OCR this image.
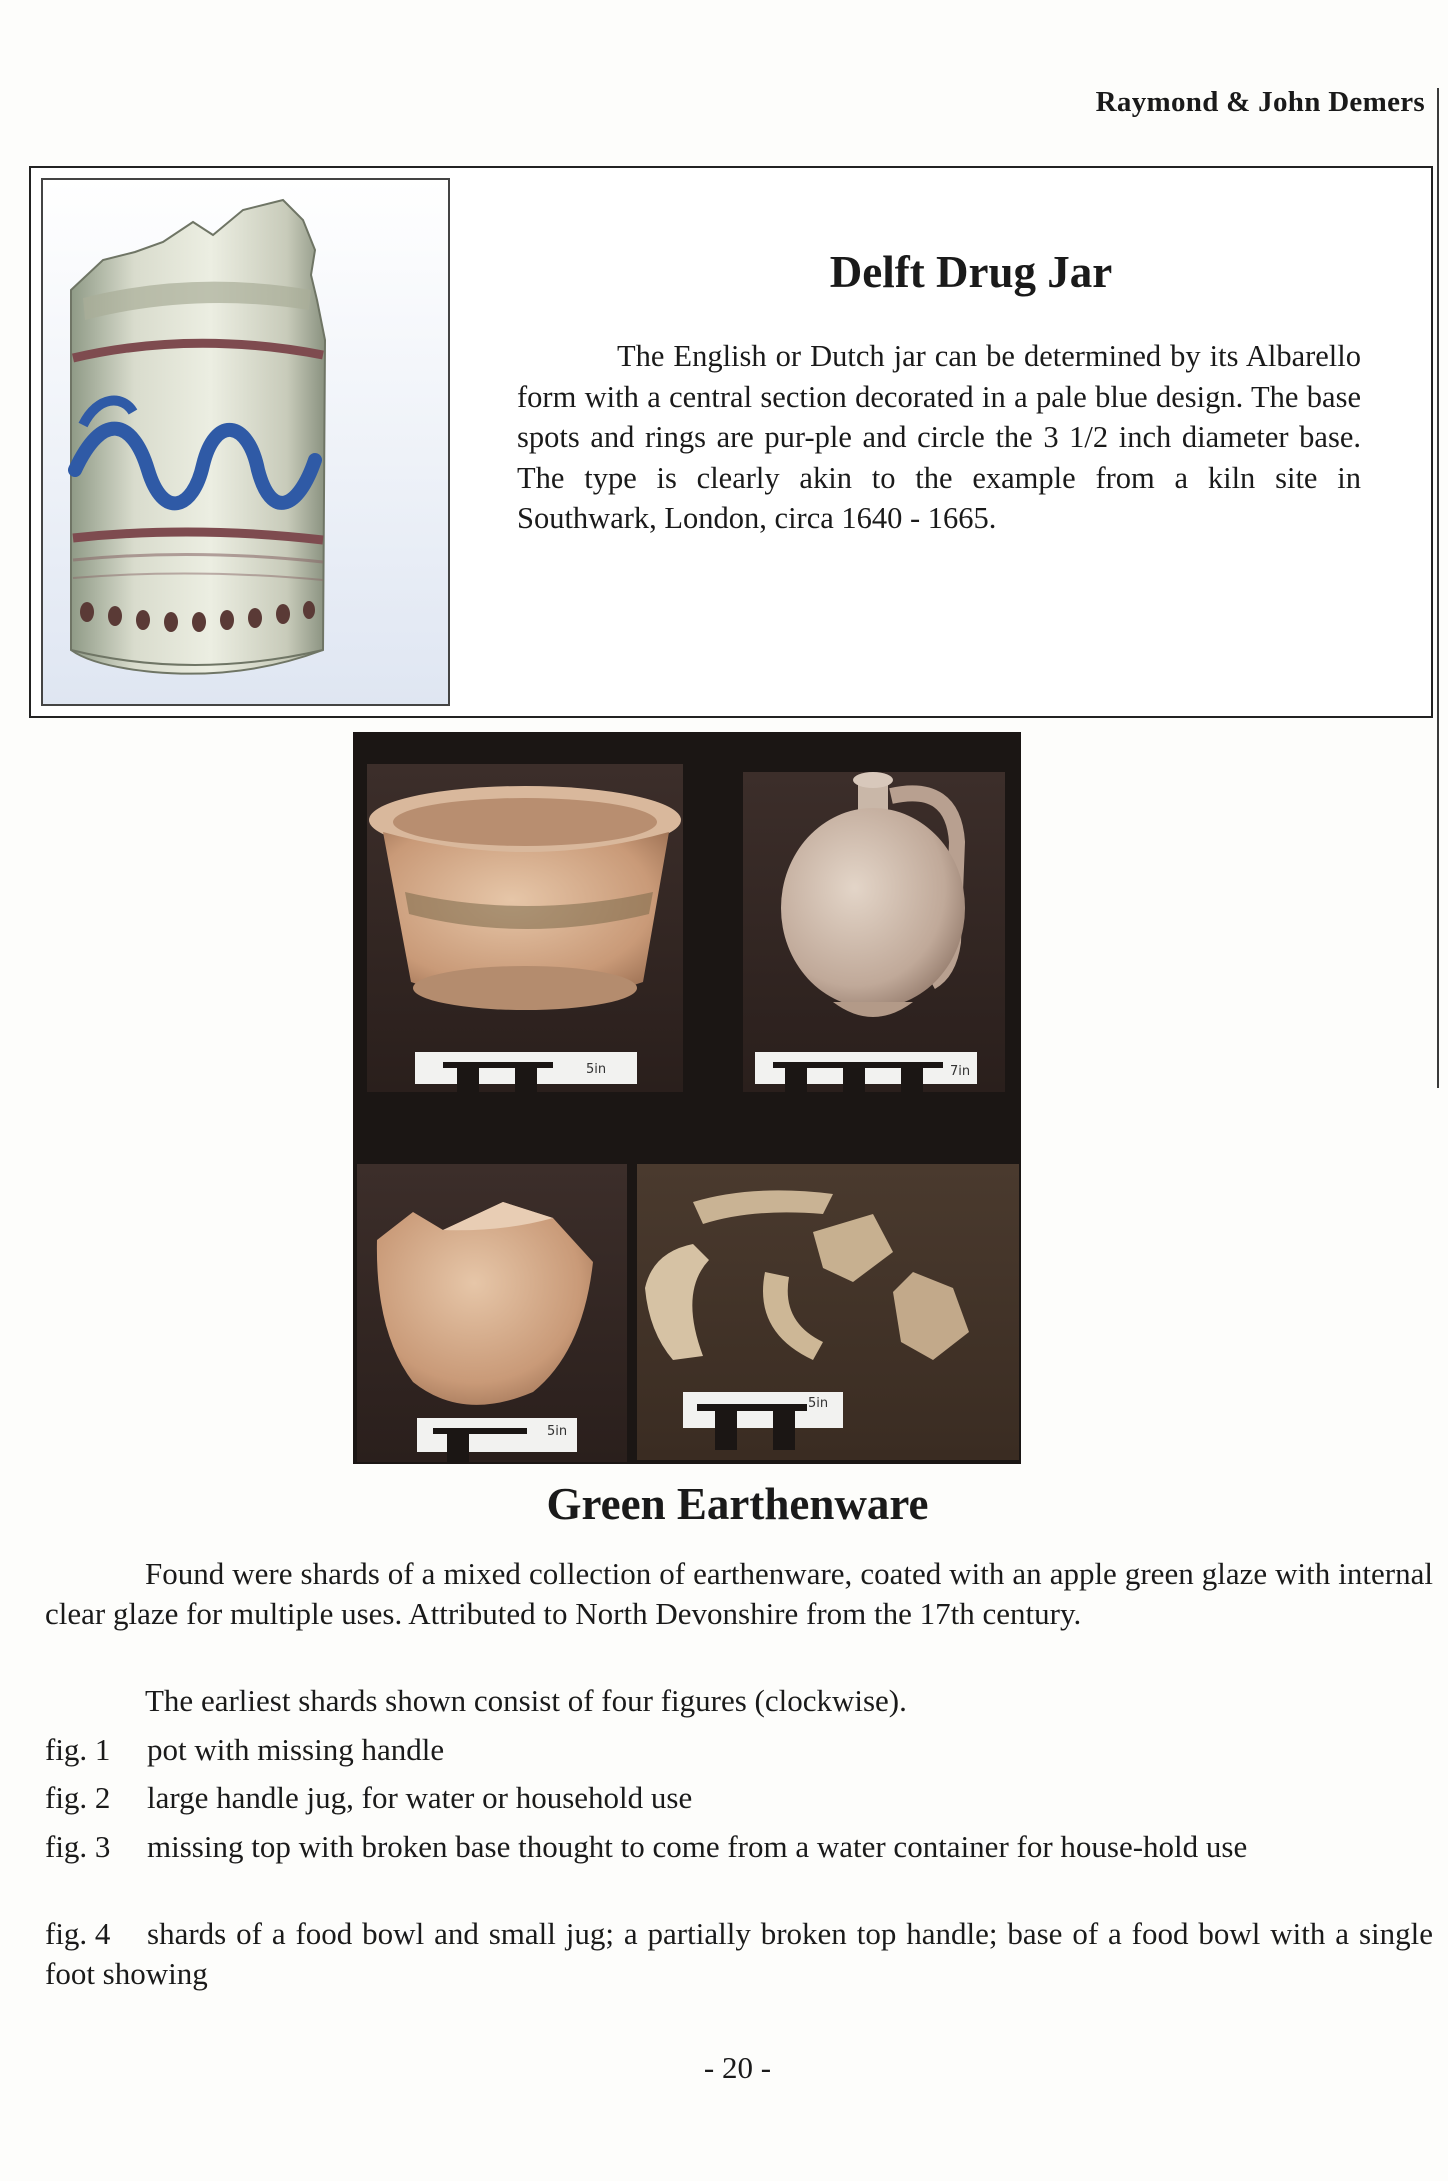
Raymond & John Demers
Delft Drug Jar

The English or Dutch jar can be determined by its Albarello form with a central section decorated in a pale blue design. The base spots and rings are pur-ple and circle the 3 1/2 inch diameter base. The type is clearly akin to the example from a kiln site in Southwark, London, circa 1640 - 1665.

5in	7in
5in
5in
Green Earthenware

Found were shards of a mixed collection of earthenware, coated with an apple green glaze with internal clear glaze for multiple uses. Attributed to North Devonshire from the 17th century.

The earliest shards shown consist of four figures (clockwise).

fig. 1 pot with missing handle

fig. 2 large handle jug, for water or household use

fig. 3 missing top with broken base thought to come from a water container for house-hold use

fig. 4 shards of a food bowl and small jug; a partially broken top handle; base of a food bowl with a single foot showing

- 20 -
